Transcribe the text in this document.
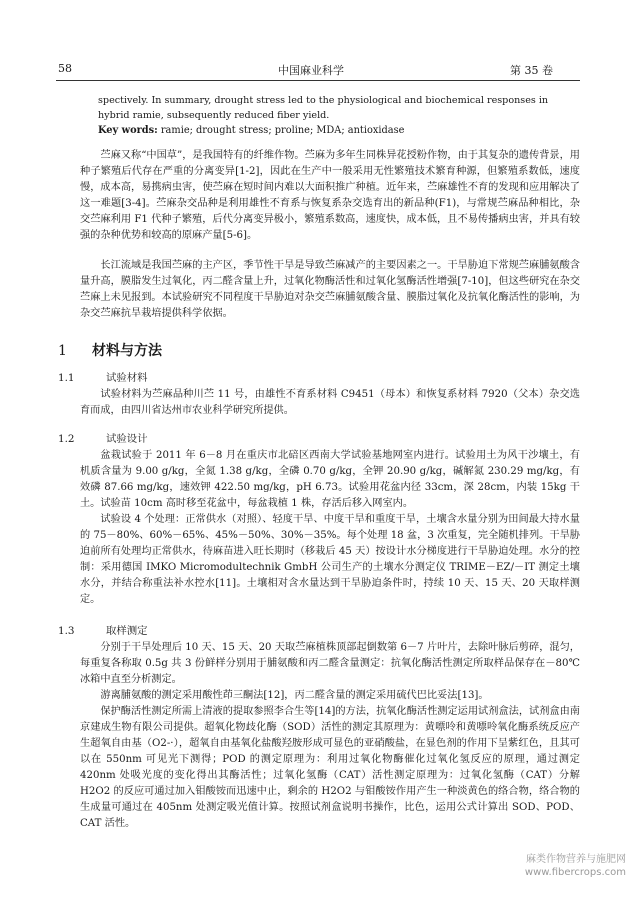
58	中国麻业科学	第 35 卷
spectively. In summary, drought stress led to the physiological and biochemical responses in hybrid ramie, subsequently reduced fiber yield.
Key words: ramie; drought stress; proline; MDA; antioxidase
苎麻又称“中国草”，是我国特有的纤维作物。苎麻为多年生同株异花授粉作物，由于其复杂的遗传背景，用种子繁殖后代存在严重的分离变异[1-2]，因此在生产中一般采用无性繁殖技术繁育种源，但繁殖系数低，速度慢，成本高，易携病虫害，使苎麻在短时间内难以大面积推广种植。近年来，苎麻雄性不育的发现和应用解决了这一难题[3-4]。苎麻杂交品种是利用雄性不育系与恢复系杂交选育出的新品种(F1)，与常规苎麻品种相比，杂交苎麻利用 F1 代种子繁殖，后代分离变异极小，繁殖系数高，速度快，成本低，且不易传播病虫害，并具有较强的杂种优势和较高的原麻产量[5-6]。
长江流域是我国苎麻的主产区，季节性干旱是导致苎麻减产的主要因素之一。干旱胁迫下常规苎麻脯氨酸含量升高，膜脂发生过氧化，丙二醛含量上升，过氧化物酶活性和过氧化氢酶活性增强[7-10]，但这些研究在杂交苎麻上未见报到。本试验研究不同程度干旱胁迫对杂交苎麻脯氨酸含量、膜脂过氧化及抗氧化酶活性的影响，为杂交苎麻抗旱栽培提供科学依据。
1 材料与方法
1.1	试验材料
试验材料为苎麻品种川苎 11 号，由雄性不育系材料 C9451（母本）和恢复系材料 7920（父本）杂交选育而成，由四川省达州市农业科学研究所提供。
1.2	试验设计
盆栽试验于 2011 年 6－8 月在重庆市北碚区西南大学试验基地网室内进行。试验用土为风干沙壤土，有机质含量为 9.00 g/kg，全氮 1.38 g/kg，全磷 0.70 g/kg，全钾 20.90 g/kg，碱解氮 230.29 mg/kg，有效磷 87.66 mg/kg，速效钾 422.50 mg/kg，pH 6.73。试验用花盆内径 33cm，深 28cm，内装 15kg 干土。试验苗 10cm 高时移至花盆中，每盆栽植 1 株，存活后移入网室内。
试验设 4 个处理：正常供水（对照）、轻度干旱、中度干旱和重度干旱，土壤含水量分别为田间最大持水量的 75－80%、60%－65%、45%－50%、30%－35%。每个处理 18 盆，3 次重复，完全随机排列。干旱胁迫前所有处理均正常供水，待麻苗进入旺长期时（移栽后 45 天）按设计水分梯度进行干旱胁迫处理。水分的控制：采用德国 IMKO Micromodultechnik GmbH 公司生产的土壤水分测定仪 TRIME－EZ/－IT 测定土壤水分，并结合称重法补水控水[11]。土壤相对含水量达到干旱胁迫条件时，持续 10 天、15 天、20 天取样测定。
1.3	取样测定
分别于干旱处理后 10 天、15 天、20 天取苎麻植株顶部起倒数第 6－7 片叶片，去除叶脉后剪碎，混匀，每重复各称取 0.5g 共 3 份鲜样分别用于脯氨酸和丙二醛含量测定：抗氧化酶活性测定所取样品保存在－80℃冰箱中直至分析测定。
游离脯氨酸的测定采用酸性茚三酮法[12]，丙二醛含量的测定采用硫代巴比妥法[13]。
保护酶活性测定所需上清液的提取参照李合生等[14]的方法，抗氧化酶活性测定运用试剂盒法，试剂盒由南京建成生物有限公司提供。超氧化物歧化酶（SOD）活性的测定其原理为：黄嘌呤和黄嘌呤氧化酶系统反应产生超氧自由基（O2-·），超氧自由基氧化盐酸羟胺形成可显色的亚硝酸盐，在显色剂的作用下呈紫红色，且其可以在 550nm 可见光下测得；POD 的测定原理为：利用过氧化物酶催化过氧化氢反应的原理，通过测定 420nm 处吸光度的变化得出其酶活性；过氧化氢酶（CAT）活性测定原理为：过氧化氢酶（CAT）分解 H2O2 的反应可通过加入钼酸铵而迅速中止，剩余的 H2O2 与钼酸铵作用产生一种淡黄色的络合物，络合物的生成量可通过在 405nm 处测定吸光值计算。按照试剂盒说明书操作，比色，运用公式计算出 SOD、POD、CAT 活性。
麻类作物营养与施肥网
www.fibercrops.com
